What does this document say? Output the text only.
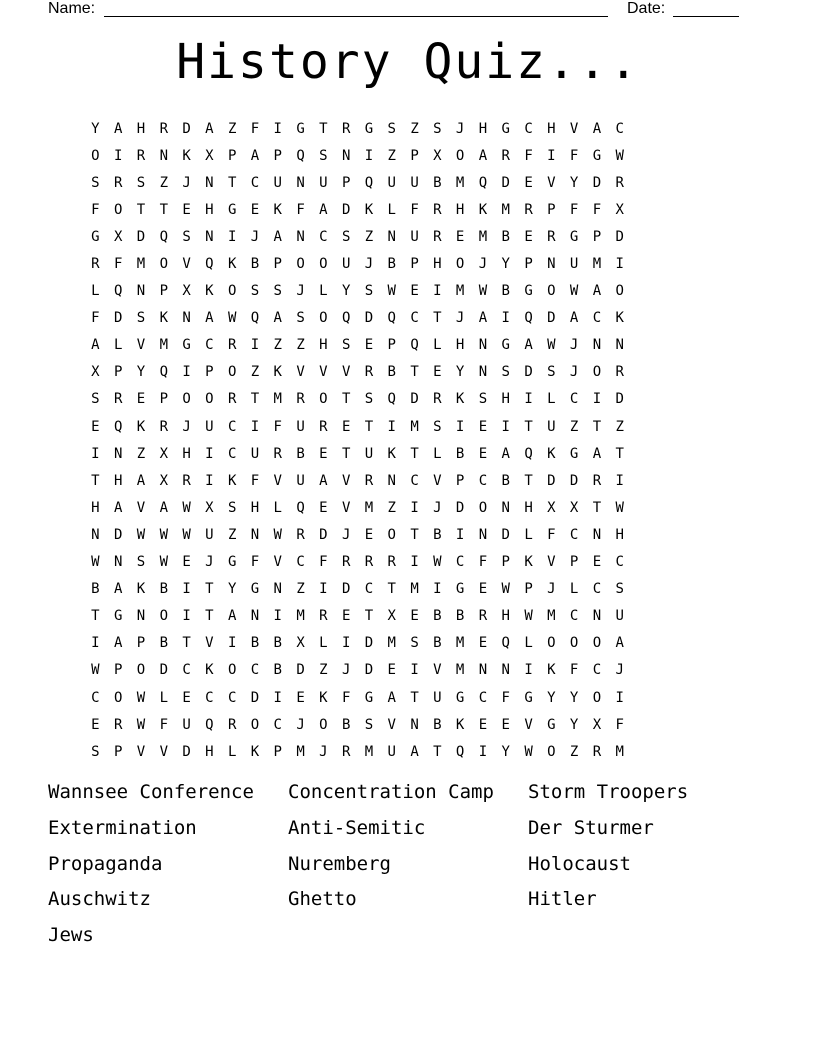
Name:	Date:
History Quiz...
Y	A	H	R	D	A	Z	F	I	G	T	R	G	S	Z	S	J	H	G	C	H	V	A	C
O	I	R	N	K	X	P	A	P	Q	S	N	I	Z	P	X	O	A	R	F	I	F	G	W
S	R	S	Z	J	N	T	C	U	N	U	P	Q	U	U	B	M	Q	D	E	V	Y	D	R
F	O	T	T	E	H	G	E	K	F	A	D	K	L	F	R	H	K	M	R	P	F	F	X
G	X	D	Q	S	N	I	J	A	N	C	S	Z	N	U	R	E	M	B	E	R	G	P	D
R	F	M	O	V	Q	K	B	P	O	O	U	J	B	P	H	O	J	Y	P	N	U	M	I
L	Q	N	P	X	K	O	S	S	J	L	Y	S	W	E	I	M	W	B	G	O	W	A	O
F	D	S	K	N	A	W	Q	A	S	O	Q	D	Q	C	T	J	A	I	Q	D	A	C	K
A	L	V	M	G	C	R	I	Z	Z	H	S	E	P	Q	L	H	N	G	A	W	J	N	N
X	P	Y	Q	I	P	O	Z	K	V	V	V	R	B	T	E	Y	N	S	D	S	J	O	R
S	R	E	P	O	O	R	T	M	R	O	T	S	Q	D	R	K	S	H	I	L	C	I	D
E	Q	K	R	J	U	C	I	F	U	R	E	T	I	M	S	I	E	I	T	U	Z	T	Z
I	N	Z	X	H	I	C	U	R	B	E	T	U	K	T	L	B	E	A	Q	K	G	A	T
T	H	A	X	R	I	K	F	V	U	A	V	R	N	C	V	P	C	B	T	D	D	R	I
H	A	V	A	W	X	S	H	L	Q	E	V	M	Z	I	J	D	O	N	H	X	X	T	W
N	D	W	W	W	U	Z	N	W	R	D	J	E	O	T	B	I	N	D	L	F	C	N	H
W	N	S	W	E	J	G	F	V	C	F	R	R	R	I	W	C	F	P	K	V	P	E	C
B	A	K	B	I	T	Y	G	N	Z	I	D	C	T	M	I	G	E	W	P	J	L	C	S
T	G	N	O	I	T	A	N	I	M	R	E	T	X	E	B	B	R	H	W	M	C	N	U
I	A	P	B	T	V	I	B	B	X	L	I	D	M	S	B	M	E	Q	L	O	O	O	A
W	P	O	D	C	K	O	C	B	D	Z	J	D	E	I	V	M	N	N	I	K	F	C	J
C	O	W	L	E	C	C	D	I	E	K	F	G	A	T	U	G	C	F	G	Y	Y	O	I
E	R	W	F	U	Q	R	O	C	J	O	B	S	V	N	B	K	E	E	V	G	Y	X	F
S	P	V	V	D	H	L	K	P	M	J	R	M	U	A	T	Q	I	Y	W	O	Z	R	M
Wannsee Conference	Concentration Camp	Storm Troopers
Extermination	Anti-Semitic	Der Sturmer
Propaganda	Nuremberg	Holocaust
Auschwitz	Ghetto	Hitler
Jews
